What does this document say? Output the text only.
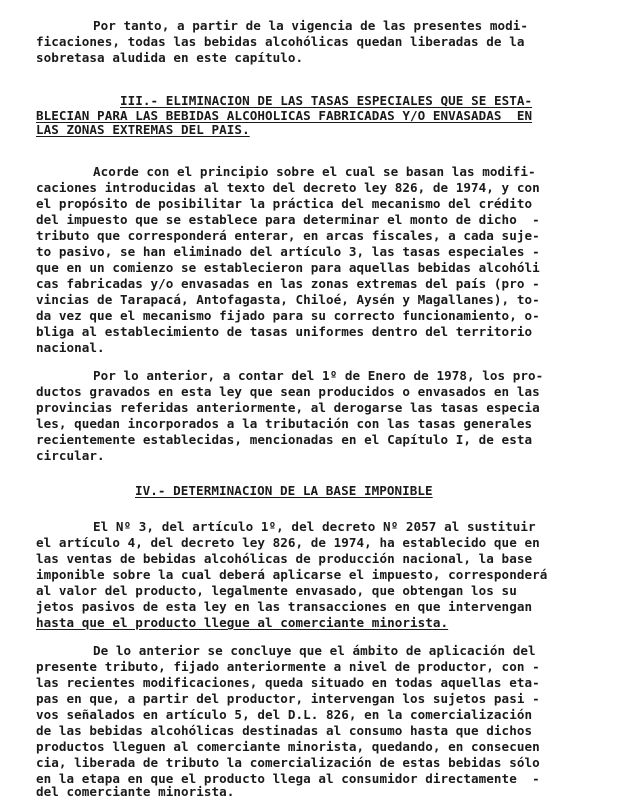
Por tanto, a partir de la vigencia de las presentes modi-
ficaciones, todas las bebidas alcohólicas quedan liberadas de la
sobretasa aludida en este capítulo.
III.- ELIMINACION DE LAS TASAS ESPECIALES QUE SE ESTA-
BLECIAN PARA LAS BEBIDAS ALCOHOLICAS FABRICADAS Y/O ENVASADAS  EN
LAS ZONAS EXTREMAS DEL PAIS.
Acorde con el principio sobre el cual se basan las modifi-
caciones introducidas al texto del decreto ley 826, de 1974, y con
el propósito de posibilitar la práctica del mecanismo del crédito
del impuesto que se establece para determinar el monto de dicho  -
tributo que corresponderá enterar, en arcas fiscales, a cada suje-
to pasivo, se han eliminado del artículo 3, las tasas especiales -
que en un comienzo se establecieron para aquellas bebidas alcohóli
cas fabricadas y/o envasadas en las zonas extremas del país (pro -
vincias de Tarapacá, Antofagasta, Chiloé, Aysén y Magallanes), to-
da vez que el mecanismo fijado para su correcto funcionamiento, o-
bliga al establecimiento de tasas uniformes dentro del territorio
nacional.
Por lo anterior, a contar del 1º de Enero de 1978, los pro-
ductos gravados en esta ley que sean producidos o envasados en las
provincias referidas anteriormente, al derogarse las tasas especia
les, quedan incorporados a la tributación con las tasas generales
recientemente establecidas, mencionadas en el Capítulo I, de esta
circular.
IV.- DETERMINACION DE LA BASE IMPONIBLE
El Nº 3, del artículo 1º, del decreto Nº 2057 al sustituir
el artículo 4, del decreto ley 826, de 1974, ha establecido que en
las ventas de bebidas alcohólicas de producción nacional, la base
imponible sobre la cual deberá aplicarse el impuesto, corresponderá
al valor del producto, legalmente envasado, que obtengan los su
jetos pasivos de esta ley en las transacciones en que intervengan
hasta que el producto llegue al comerciante minorista.
De lo anterior se concluye que el ámbito de aplicación del
presente tributo, fijado anteriormente a nivel de productor, con -
las recientes modificaciones, queda situado en todas aquellas eta-
pas en que, a partir del productor, intervengan los sujetos pasi -
vos señalados en artículo 5, del D.L. 826, en la comercialización
de las bebidas alcohólicas destinadas al consumo hasta que dichos
productos lleguen al comerciante minorista, quedando, en consecuen
cia, liberada de tributo la comercialización de estas bebidas sólo
en la etapa en que el producto llega al consumidor directamente  -
del comerciante minorista.
